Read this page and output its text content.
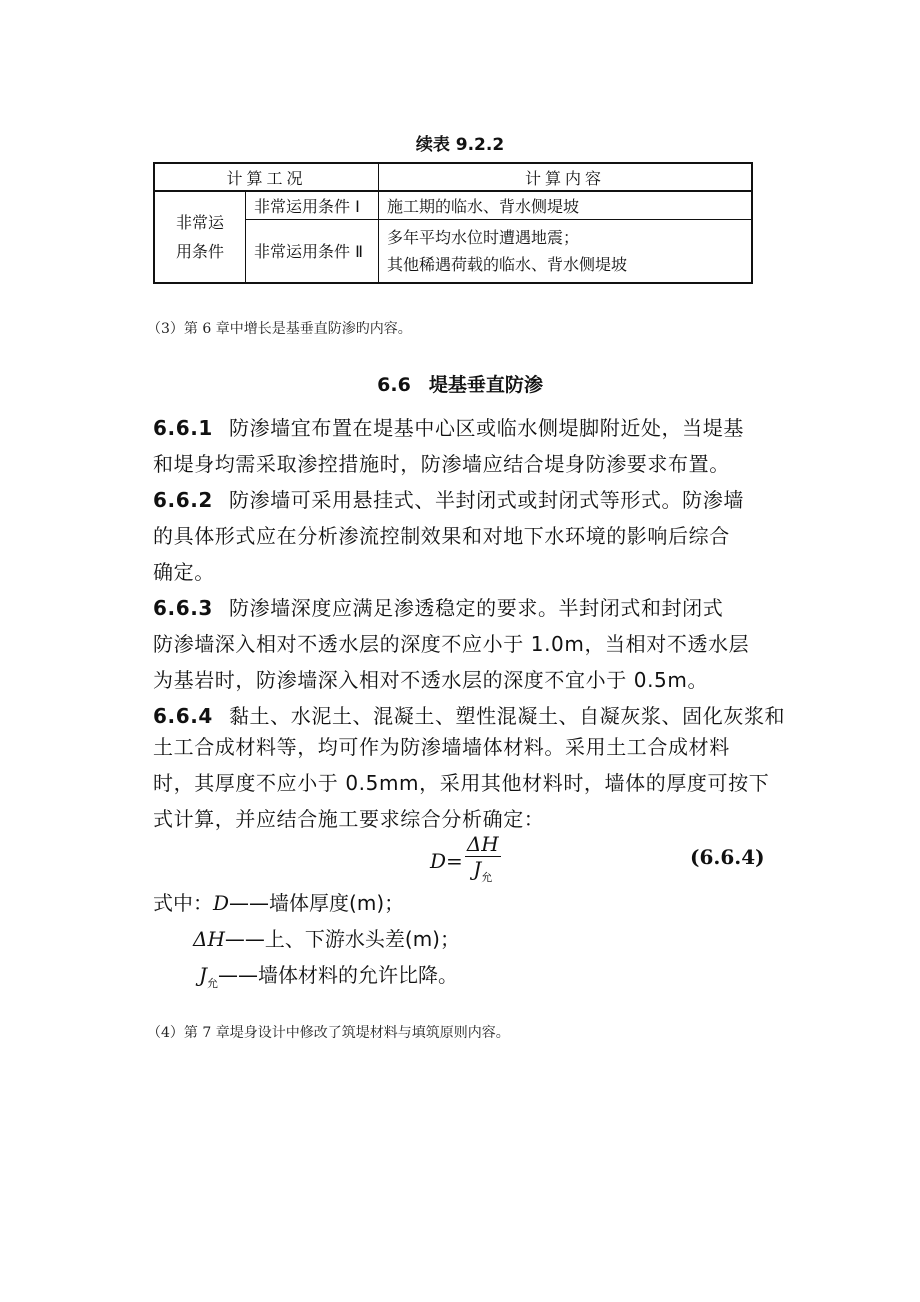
续表 9.2.2
计算工况		计算内容
非常运用条件	非常运用条件 I	施工期的临水、背水侧堤坡
	非常运用条件 Ⅱ	多年平均水位时遭遇地震；
其他稀遇荷载的临水、背水侧堤坡
（3）第 6 章中增长是基垂直防渗旳内容。
6.6 堤基垂直防渗
6.6.1 防渗墙宜布置在堤基中心区或临水侧堤脚附近处，当堤基
和堤身均需采取渗控措施时，防渗墙应结合堤身防渗要求布置。
6.6.2 防渗墙可采用悬挂式、半封闭式或封闭式等形式。防渗墙
的具体形式应在分析渗流控制效果和对地下水环境的影响后综合
确定。
6.6.3 防渗墙深度应满足渗透稳定的要求。半封闭式和封闭式
防渗墙深入相对不透水层的深度不应小于 1.0m，当相对不透水层
为基岩时，防渗墙深入相对不透水层的深度不宜小于 0.5m。
6.6.4 黏土、水泥土、混凝土、塑性混凝土、自凝灰浆、固化灰浆和
土工合成材料等，均可作为防渗墙墙体材料。采用土工合成材料
时，其厚度不应小于 0.5mm，采用其他材料时，墙体的厚度可按下
式计算，并应结合施工要求综合分析确定：
$D = \frac{\Delta H}{J_允}$	(6.6.4)
式中：D——墙体厚度(m)；
ΔH——上、下游水头差(m)；
$J_允——$墙体材料的允许比降。
（4）第 7 章堤身设计中修改了筑堤材料与填筑原则内容。
